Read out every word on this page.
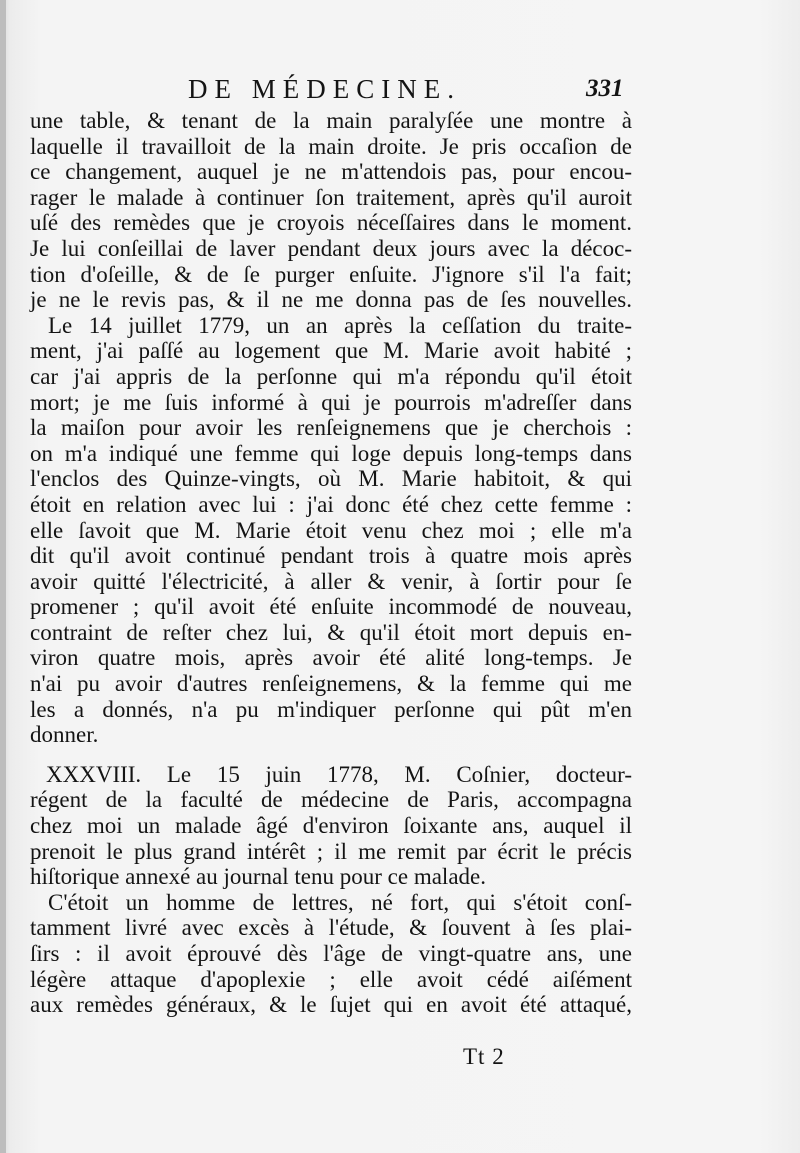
DE MÉDECINE.	331
une table, & tenant de la main paralyſée une montre à
laquelle il travailloit de la main droite. Je pris occaſion de
ce changement, auquel je ne m'attendois pas, pour encou-
rager le malade à continuer ſon traitement, après qu'il auroit
uſé des remèdes que je croyois néceſſaires dans le moment.
Je lui conſeillai de laver pendant deux jours avec la décoc-
tion d'oſeille, & de ſe purger enſuite. J'ignore s'il l'a fait;
je ne le revis pas, & il ne me donna pas de ſes nouvelles.
Le 14 juillet 1779, un an après la ceſſation du traite-
ment, j'ai paſſé au logement que M. Marie avoit habité ;
car j'ai appris de la perſonne qui m'a répondu qu'il étoit
mort; je me ſuis informé à qui je pourrois m'adreſſer dans
la maiſon pour avoir les renſeignemens que je cherchois :
on m'a indiqué une femme qui loge depuis long-temps dans
l'enclos des Quinze-vingts, où M. Marie habitoit, & qui
étoit en relation avec lui : j'ai donc été chez cette femme :
elle ſavoit que M. Marie étoit venu chez moi ; elle m'a
dit qu'il avoit continué pendant trois à quatre mois après
avoir quitté l'électricité, à aller & venir, à ſortir pour ſe
promener ; qu'il avoit été enſuite incommodé de nouveau,
contraint de reſter chez lui, & qu'il étoit mort depuis en-
viron quatre mois, après avoir été alité long-temps. Je
n'ai pu avoir d'autres renſeignemens, & la femme qui me
les a donnés, n'a pu m'indiquer perſonne qui pût m'en
donner.
XXXVIII. Le 15 juin 1778, M. Coſnier, docteur-
régent de la faculté de médecine de Paris, accompagna
chez moi un malade âgé d'environ ſoixante ans, auquel il
prenoit le plus grand intérêt ; il me remit par écrit le précis
hiſtorique annexé au journal tenu pour ce malade.
C'étoit un homme de lettres, né fort, qui s'étoit conſ-
tamment livré avec excès à l'étude, & ſouvent à ſes plai-
ſirs : il avoit éprouvé dès l'âge de vingt-quatre ans, une
légère attaque d'apoplexie ; elle avoit cédé aiſément
aux remèdes généraux, & le ſujet qui en avoit été attaqué,
Tt 2
